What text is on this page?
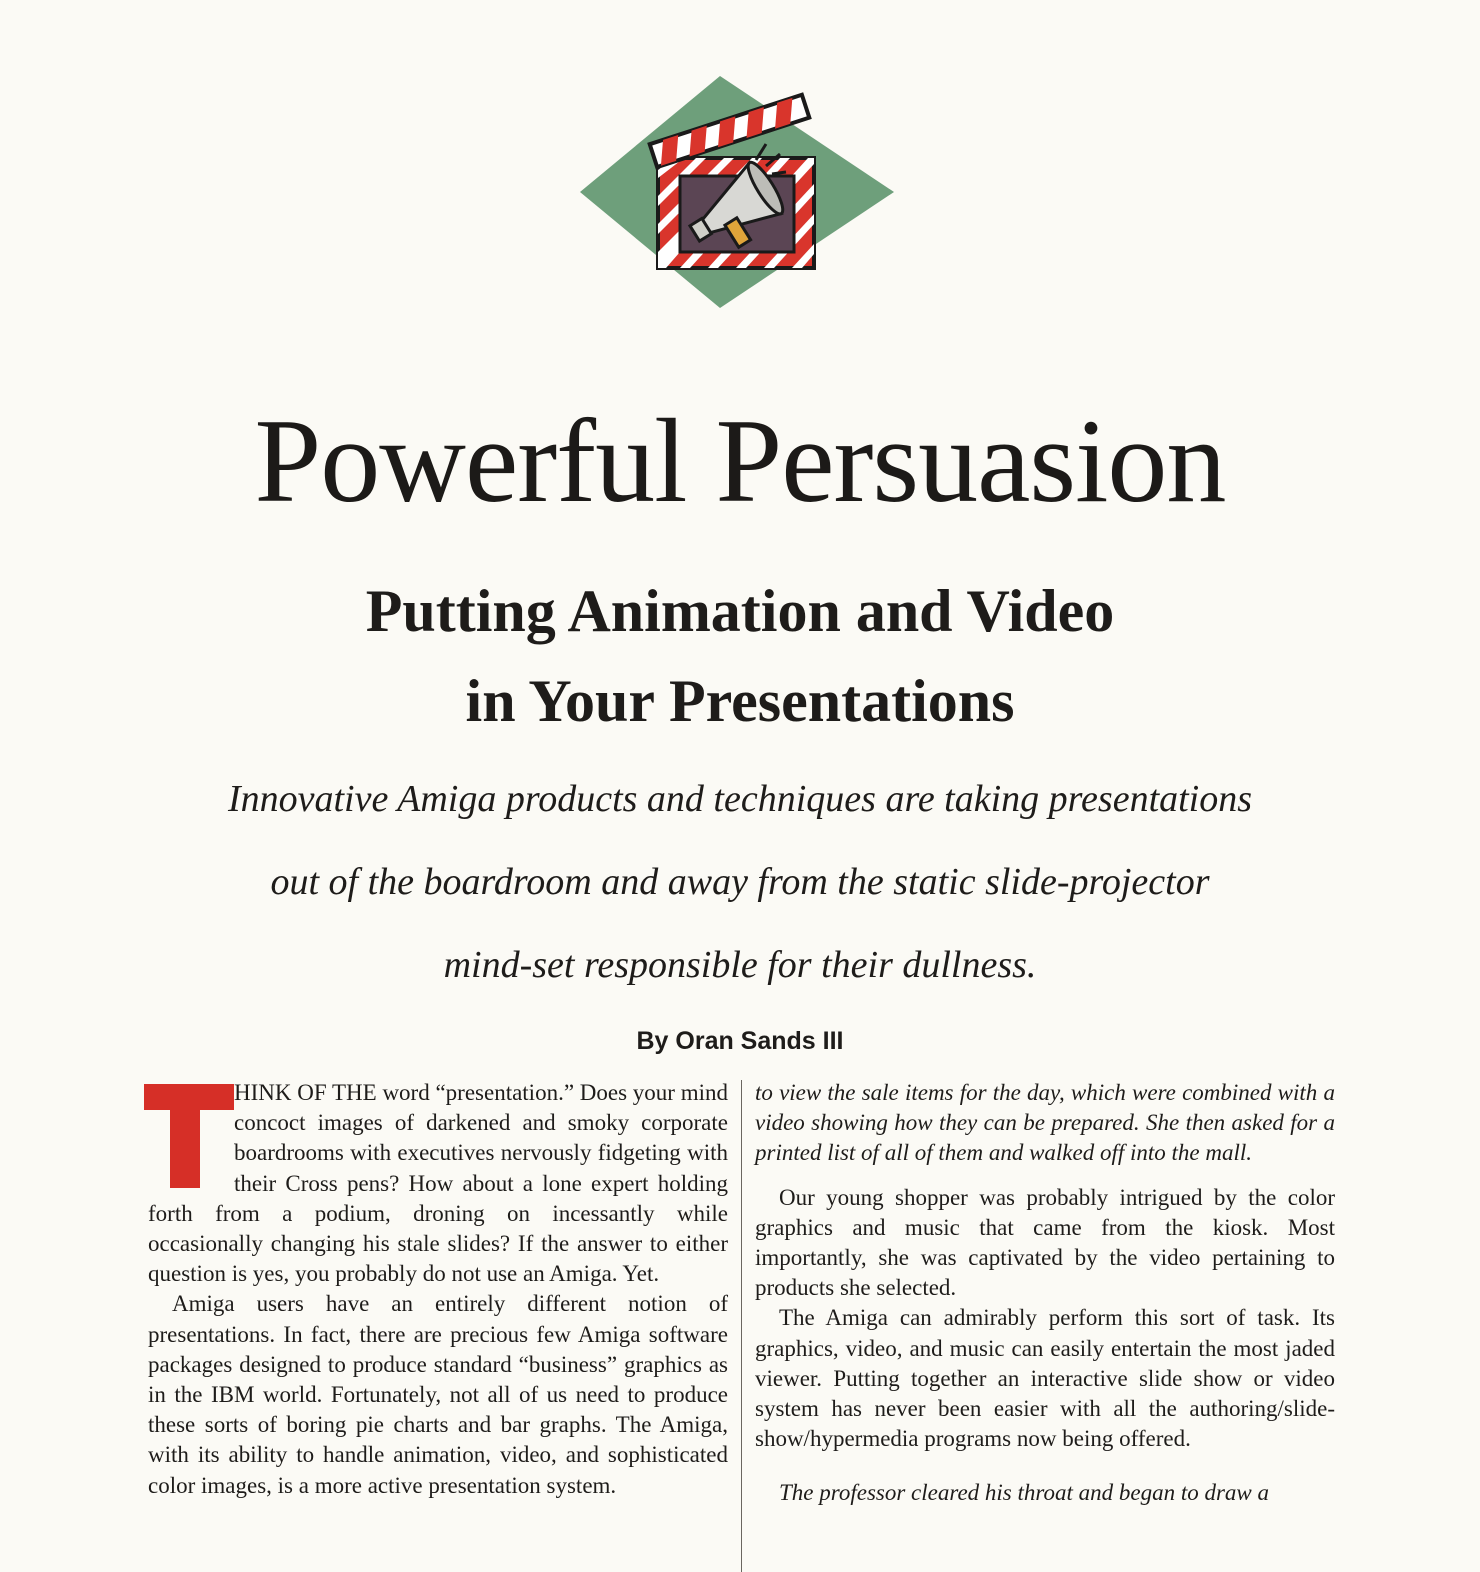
Powerful Persuasion
Putting Animation and Video
in Your Presentations
Innovative Amiga products and techniques are taking presentations
out of the boardroom and away from the static slide-projector
mind-set responsible for their dullness.
By Oran Sands III

HINK OF THE word “presentation.” Does your mind concoct images of darkened and smoky corporate boardrooms with executives nervously fidgeting with their Cross pens? How about a lone expert holding forth from a podium, droning on incessantly while occasionally changing his stale slides? If the answer to either question is yes, you probably do not use an Amiga. Yet.

Amiga users have an entirely different notion of presentations. In fact, there are precious few Amiga software packages designed to produce standard “business” graphics as in the IBM world. Fortunately, not all of us need to produce these sorts of boring pie charts and bar graphs. The Amiga, with its ability to handle animation, video, and sophisticated color images, is a more active presentation system.

to view the sale items for the day, which were combined with a video showing how they can be prepared. She then asked for a printed list of all of them and walked off into the mall.

Our young shopper was probably intrigued by the color graphics and music that came from the kiosk. Most importantly, she was captivated by the video pertaining to products she selected.

The Amiga can admirably perform this sort of task. Its graphics, video, and music can easily entertain the most jaded viewer. Putting together an interactive slide show or video system has never been easier with all the authoring/slide-show/hypermedia programs now being offered.

The professor cleared his throat and began to draw a
